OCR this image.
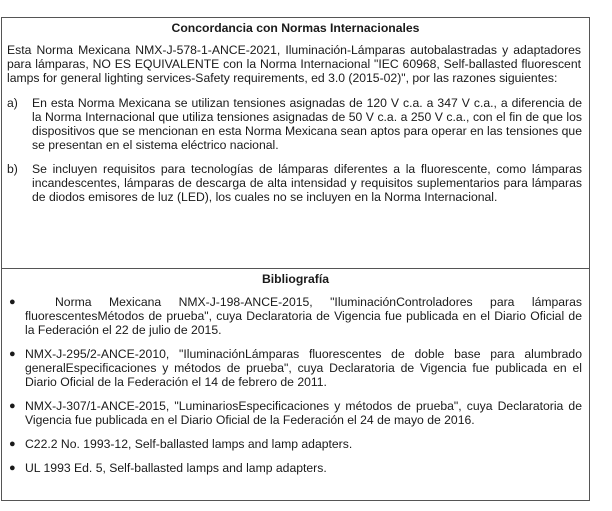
Concordancia con Normas Internacionales
Esta Norma Mexicana NMX-J-578-1-ANCE-2021, Iluminación-Lámparas autobalastradas y adaptadores para lámparas, NO ES EQUIVALENTE con la Norma Internacional "IEC 60968, Self-ballasted fluorescent lamps for general lighting services-Safety requirements, ed 3.0 (2015-02)", por las razones siguientes:
a) En esta Norma Mexicana se utilizan tensiones asignadas de 120 V c.a. a 347 V c.a., a diferencia de la Norma Internacional que utiliza tensiones asignadas de 50 V c.a. a 250 V c.a., con el fin de que los dispositivos que se mencionan en esta Norma Mexicana sean aptos para operar en las tensiones que se presentan en el sistema eléctrico nacional.
b) Se incluyen requisitos para tecnologías de lámparas diferentes a la fluorescente, como lámparas incandescentes, lámparas de descarga de alta intensidad y requisitos suplementarios para lámparas de diodos emisores de luz (LED), los cuales no se incluyen en la Norma Internacional.
Bibliografía
●	Norma Mexicana NMX-J-198-ANCE-2015, "IluminaciónControladores para lámparas fluorescentesMétodos de prueba", cuya Declaratoria de Vigencia fue publicada en el Diario Oficial de la Federación el 22 de julio de 2015.
● NMX-J-295/2-ANCE-2010, "IluminaciónLámparas fluorescentes de doble base para alumbrado generalEspecificaciones y métodos de prueba", cuya Declaratoria de Vigencia fue publicada en el Diario Oficial de la Federación el 14 de febrero de 2011.
● NMX-J-307/1-ANCE-2015, "LuminariosEspecificaciones y métodos de prueba", cuya Declaratoria de Vigencia fue publicada en el Diario Oficial de la Federación el 24 de mayo de 2016.
● C22.2 No. 1993-12, Self-ballasted lamps and lamp adapters.
● UL 1993 Ed. 5, Self-ballasted lamps and lamp adapters.
